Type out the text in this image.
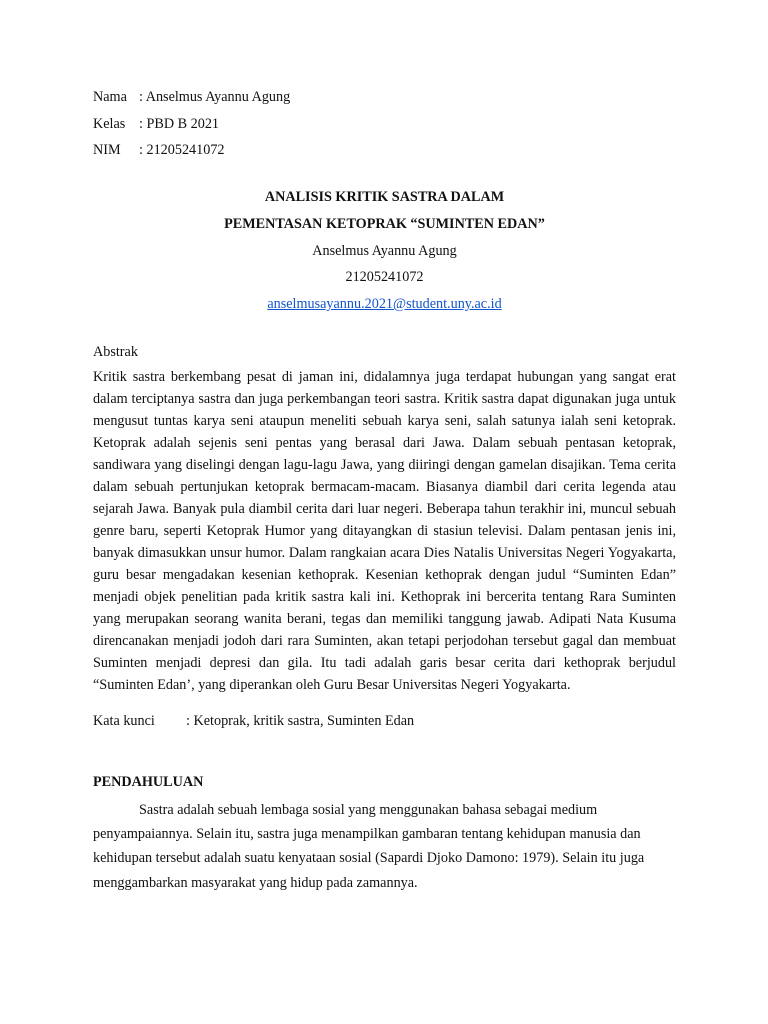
Nama : Anselmus Ayannu Agung
Kelas : PBD B 2021
NIM	: 21205241072
ANALISIS KRITIK SASTRA DALAM
PEMENTASAN KETOPRAK “SUMINTEN EDAN”
Anselmus Ayannu Agung
21205241072
anselmusayannu.2021@student.uny.ac.id
Abstrak
Kritik sastra berkembang pesat di jaman ini, didalamnya juga terdapat hubungan yang sangat erat dalam terciptanya sastra dan juga perkembangan teori sastra. Kritik sastra dapat digunakan juga untuk mengusut tuntas karya seni ataupun meneliti sebuah karya seni, salah satunya ialah seni ketoprak. Ketoprak adalah sejenis seni pentas yang berasal dari Jawa. Dalam sebuah pentasan ketoprak, sandiwara yang diselingi dengan lagu-lagu Jawa, yang diiringi dengan gamelan disajikan. Tema cerita dalam sebuah pertunjukan ketoprak bermacam-macam. Biasanya diambil dari cerita legenda atau sejarah Jawa. Banyak pula diambil cerita dari luar negeri. Beberapa tahun terakhir ini, muncul sebuah genre baru, seperti Ketoprak Humor yang ditayangkan di stasiun televisi. Dalam pentasan jenis ini, banyak dimasukkan unsur humor. Dalam rangkaian acara Dies Natalis Universitas Negeri Yogyakarta, guru besar mengadakan kesenian kethoprak. Kesenian kethoprak dengan judul “Suminten Edan” menjadi objek penelitian pada kritik sastra kali ini. Kethoprak ini bercerita tentang Rara Suminten yang merupakan seorang wanita berani, tegas dan memiliki tanggung jawab. Adipati Nata Kusuma direncanakan menjadi jodoh dari rara Suminten, akan tetapi perjodohan tersebut gagal dan membuat Suminten menjadi depresi dan gila. Itu tadi adalah garis besar cerita dari kethoprak berjudul “Suminten Edan’, yang diperankan oleh Guru Besar Universitas Negeri Yogyakarta.
Kata kunci	: Ketoprak, kritik sastra, Suminten Edan
PENDAHULUAN
Sastra adalah sebuah lembaga sosial yang menggunakan bahasa sebagai medium penyampaiannya. Selain itu, sastra juga menampilkan gambaran tentang kehidupan manusia dan kehidupan tersebut adalah suatu kenyataan sosial (Sapardi Djoko Damono: 1979). Selain itu juga menggambarkan masyarakat yang hidup pada zamannya.
